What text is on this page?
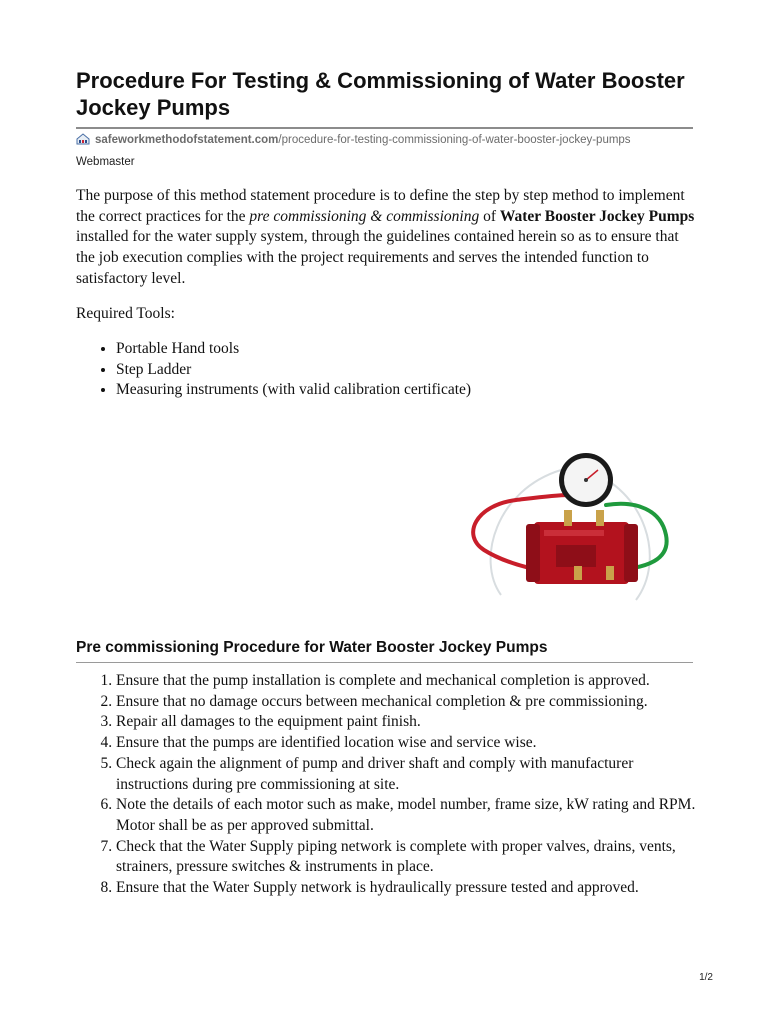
Procedure For Testing & Commissioning of Water Booster Jockey Pumps
safeworkmethodofstatement.com/procedure-for-testing-commissioning-of-water-booster-jockey-pumps
Webmaster

The purpose of this method statement procedure is to define the step by step method to implement the correct practices for the pre commissioning & commissioning of Water Booster Jockey Pumps installed for the water supply system, through the guidelines contained herein so as to ensure that the job execution complies with the project requirements and serves the intended function to satisfactory level.

Required Tools:

• Portable Hand tools
• Step Ladder
• Measuring instruments (with valid calibration certificate)
Pre commissioning Procedure for Water Booster Jockey Pumps
1. Ensure that the pump installation is complete and mechanical completion is approved.
2. Ensure that no damage occurs between mechanical completion & pre commissioning.
3. Repair all damages to the equipment paint finish.
4. Ensure that the pumps are identified location wise and service wise.
5. Check again the alignment of pump and driver shaft and comply with manufacturer instructions during pre commissioning at site.
6. Note the details of each motor such as make, model number, frame size, kW rating and RPM. Motor shall be as per approved submittal.
7. Check that the Water Supply piping network is complete with proper valves, drains, vents, strainers, pressure switches & instruments in place.
8. Ensure that the Water Supply network is hydraulically pressure tested and approved.
1/2
